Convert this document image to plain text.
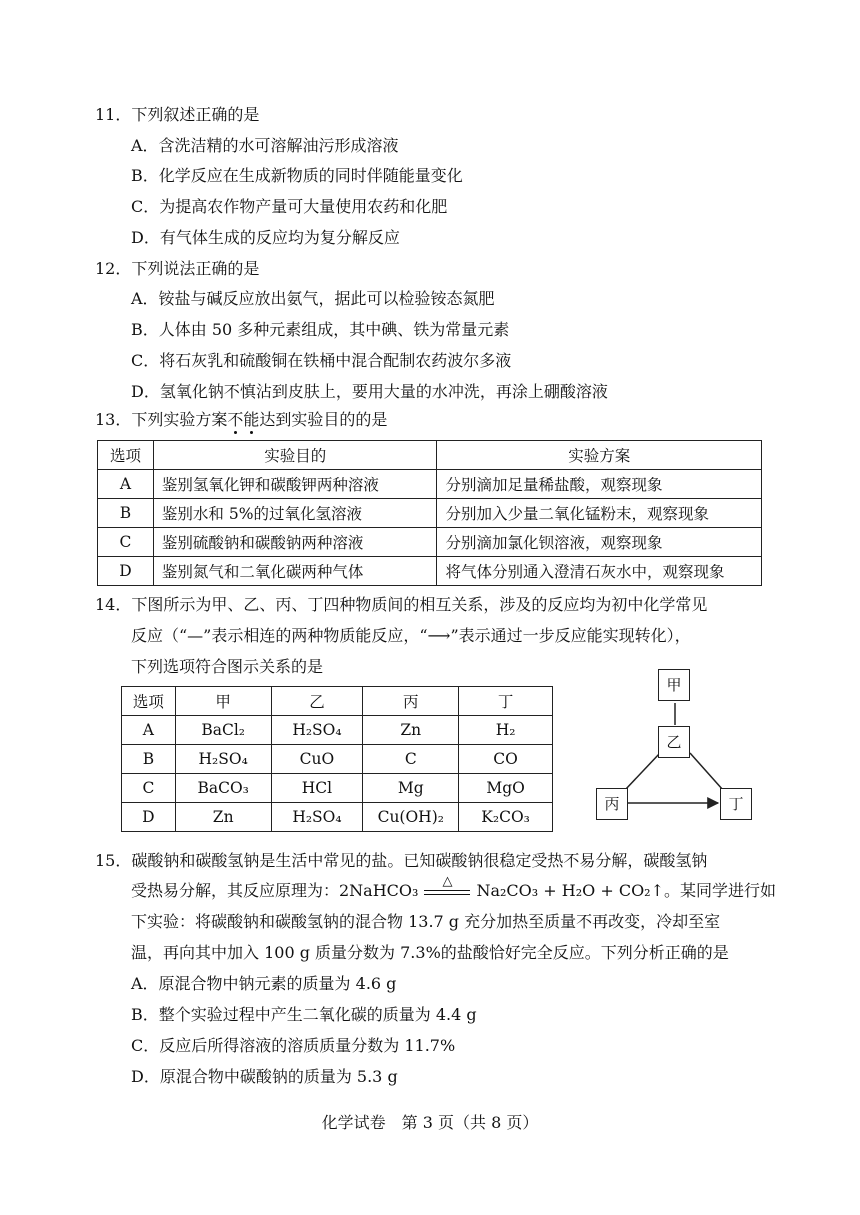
11．下列叙述正确的是
A．含洗洁精的水可溶解油污形成溶液
B．化学反应在生成新物质的同时伴随能量变化
C．为提高农作物产量可大量使用农药和化肥
D．有气体生成的反应均为复分解反应
12．下列说法正确的是
A．铵盐与碱反应放出氨气，据此可以检验铵态氮肥
B．人体由 50 多种元素组成，其中碘、铁为常量元素
C．将石灰乳和硫酸铜在铁桶中混合配制农药波尔多液
D．氢氧化钠不慎沾到皮肤上，要用大量的水冲洗，再涂上硼酸溶液
13．下列实验方案不能达到实验目的的是
选项	实验目的	实验方案
A	鉴别氢氧化钾和碳酸钾两种溶液	分别滴加足量稀盐酸，观察现象
B	鉴别水和 5%的过氧化氢溶液	分别加入少量二氧化锰粉末，观察现象
C	鉴别硫酸钠和碳酸钠两种溶液	分别滴加氯化钡溶液，观察现象
D	鉴别氮气和二氧化碳两种气体	将气体分别通入澄清石灰水中，观察现象
14．下图所示为甲、乙、丙、丁四种物质间的相互关系，涉及的反应均为初中化学常见
反应（“—”表示相连的两种物质能反应，“⟶”表示通过一步反应能实现转化），
下列选项符合图示关系的是
选项	甲	乙	丙	丁
A	BaCl₂	H₂SO₄	Zn	H₂
B	H₂SO₄	CuO	C	CO
C	BaCO₃	HCl	Mg	MgO
D	Zn	H₂SO₄	Cu(OH)₂	K₂CO₃
甲
乙
丙	丁
15．碳酸钠和碳酸氢钠是生活中常见的盐。已知碳酸钠很稳定受热不易分解，碳酸氢钠
受热易分解，其反应原理为：2NaHCO₃	△	Na₂CO₃ + H₂O + CO₂↑。某同学进行如
下实验：将碳酸钠和碳酸氢钠的混合物 13.7 g 充分加热至质量不再改变，冷却至室
温，再向其中加入 100 g 质量分数为 7.3%的盐酸恰好完全反应。下列分析正确的是
A．原混合物中钠元素的质量为 4.6 g
B．整个实验过程中产生二氧化碳的质量为 4.4 g
C．反应后所得溶液的溶质质量分数为 11.7%
D．原混合物中碳酸钠的质量为 5.3 g
化学试卷　第 3 页（共 8 页）
